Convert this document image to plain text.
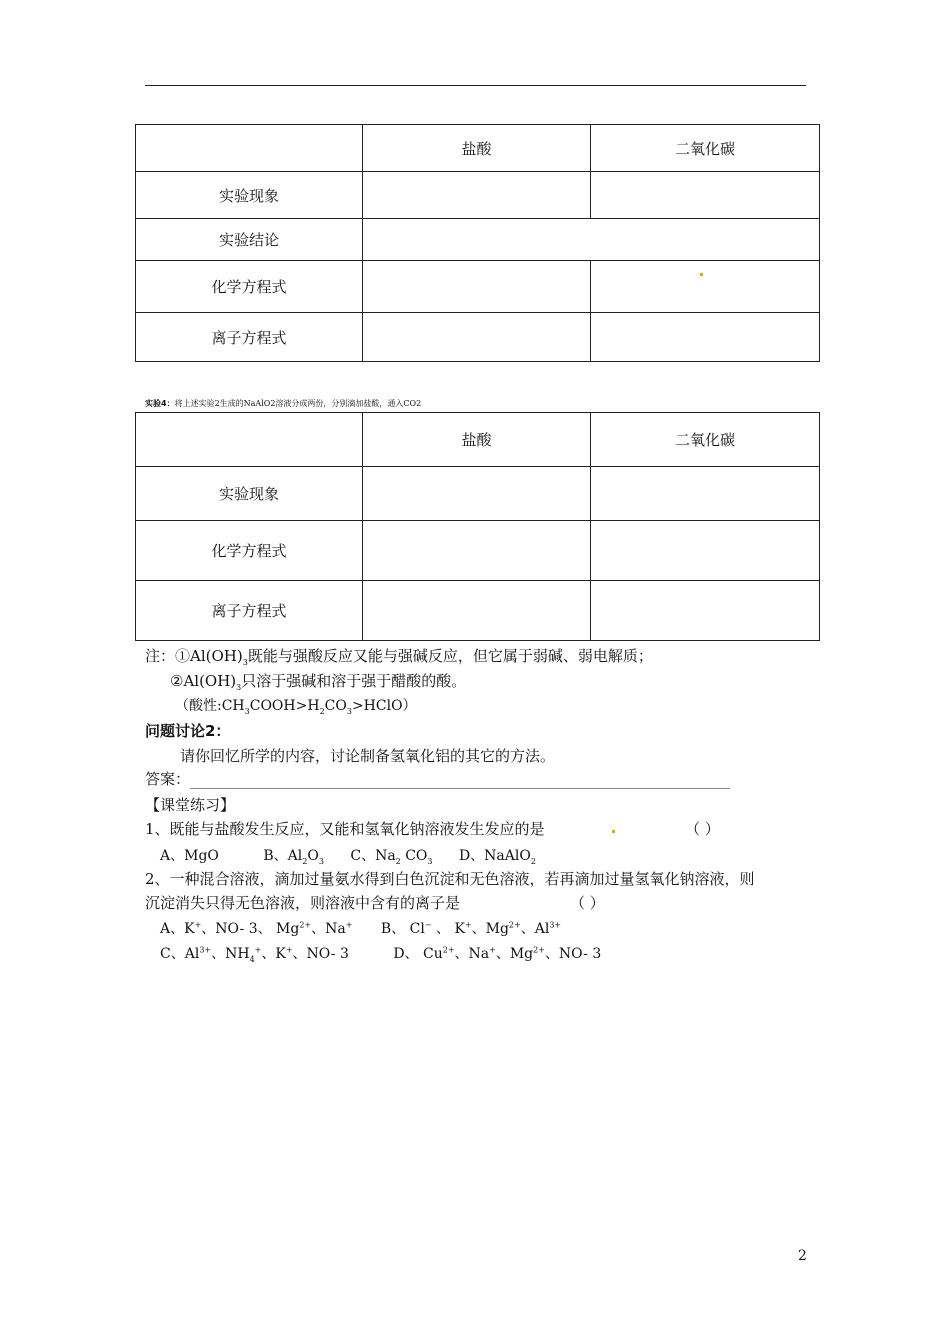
	盐酸	二氧化碳
实验现象		
实验结论		
化学方程式		
离子方程式		
实验4：将上述实验2生成的NaAlO2溶液分成两份，分别滴加盐酸，通入CO2
	盐酸	二氧化碳
实验现象		
化学方程式		
离子方程式		
注：$①Al(OH)_3$既能与强酸反应又能与强碱反应，但它属于弱碱、弱电解质；
$②Al(OH)_3$只溶于强碱和溶于强于醋酸的酸。
（酸性$:CH_3COOH>H_2CO_3>HClO$）
问题讨论2：
请你回忆所学的内容，讨论制备氢氧化铝的其它的方法。
答案：
【课堂练习】
1、既能与盐酸发生反应，又能和氢氧化钠溶液发生发应的是	（ ）
A、MgO	B、$Al_2O_3$ C、$Na_2$ $CO_3$ D、NaAlO$_2$
2、一种混合溶液，滴加过量氨水得到白色沉淀和无色溶液，若再滴加过量氢氧化钠溶液，则
沉淀消失只得无色溶液，则溶液中含有的离子是	（ ）
A、K+、NO- 3、 $Mg^{2+}$、Na+ B、 Cl− 、 K+、$Mg^{2+}$、$Al^{3+}$
C、$Al^{3+}$、$NH_4^+$、K+、NO- 3	D、 $Cu^{2+}$、Na+、$Mg^{2+}$、NO- 3
2
